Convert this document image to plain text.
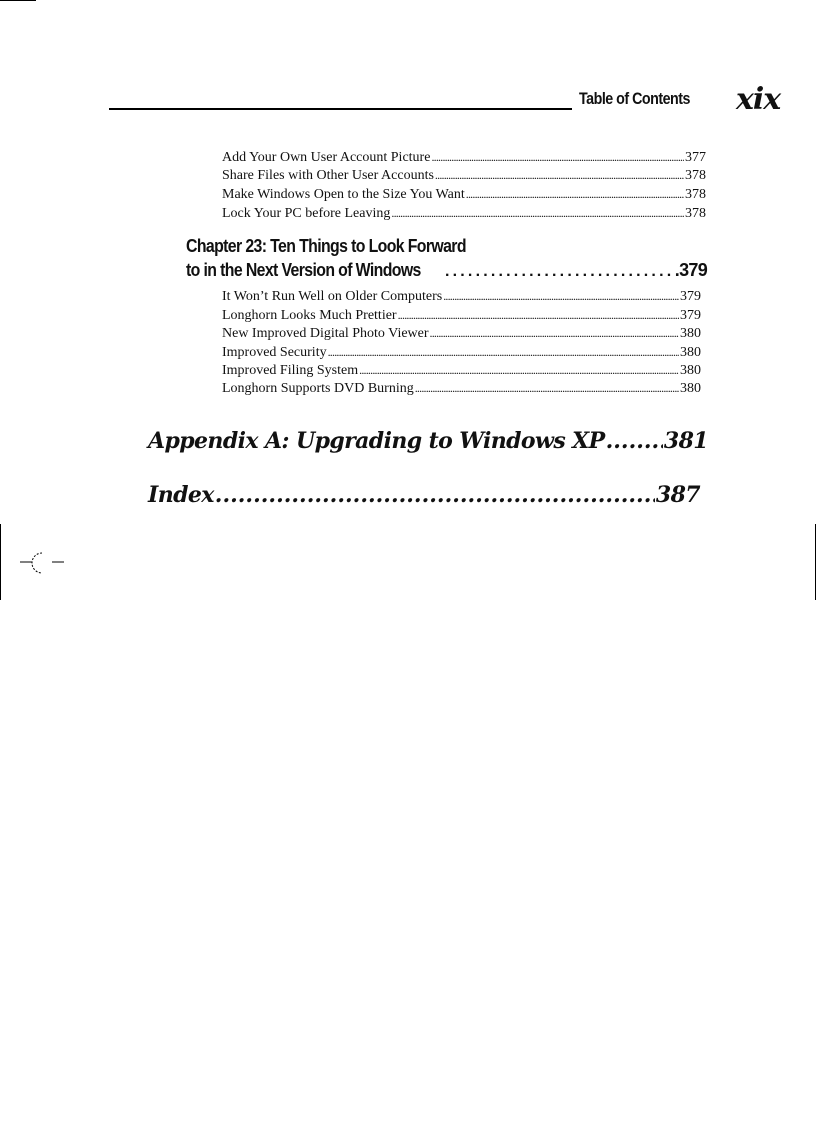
Table of Contents xix
Add Your Own User Account Picture .....	377
Share Files with Other User Accounts .....	378
Make Windows Open to the Size You Want .....	378
Lock Your PC before Leaving .....	378
Chapter 23: Ten Things to Look Forward
to in the Next Version of Windows .....	.379
It Won’t Run Well on Older Computers .....	379
Longhorn Looks Much Prettier .....	379
New Improved Digital Photo Viewer .....	380
Improved Security .....	380
Improved Filing System .....	380
Longhorn Supports DVD Burning .....	380
Appendix A: Upgrading to Windows XP .....	381
Index .....	387
